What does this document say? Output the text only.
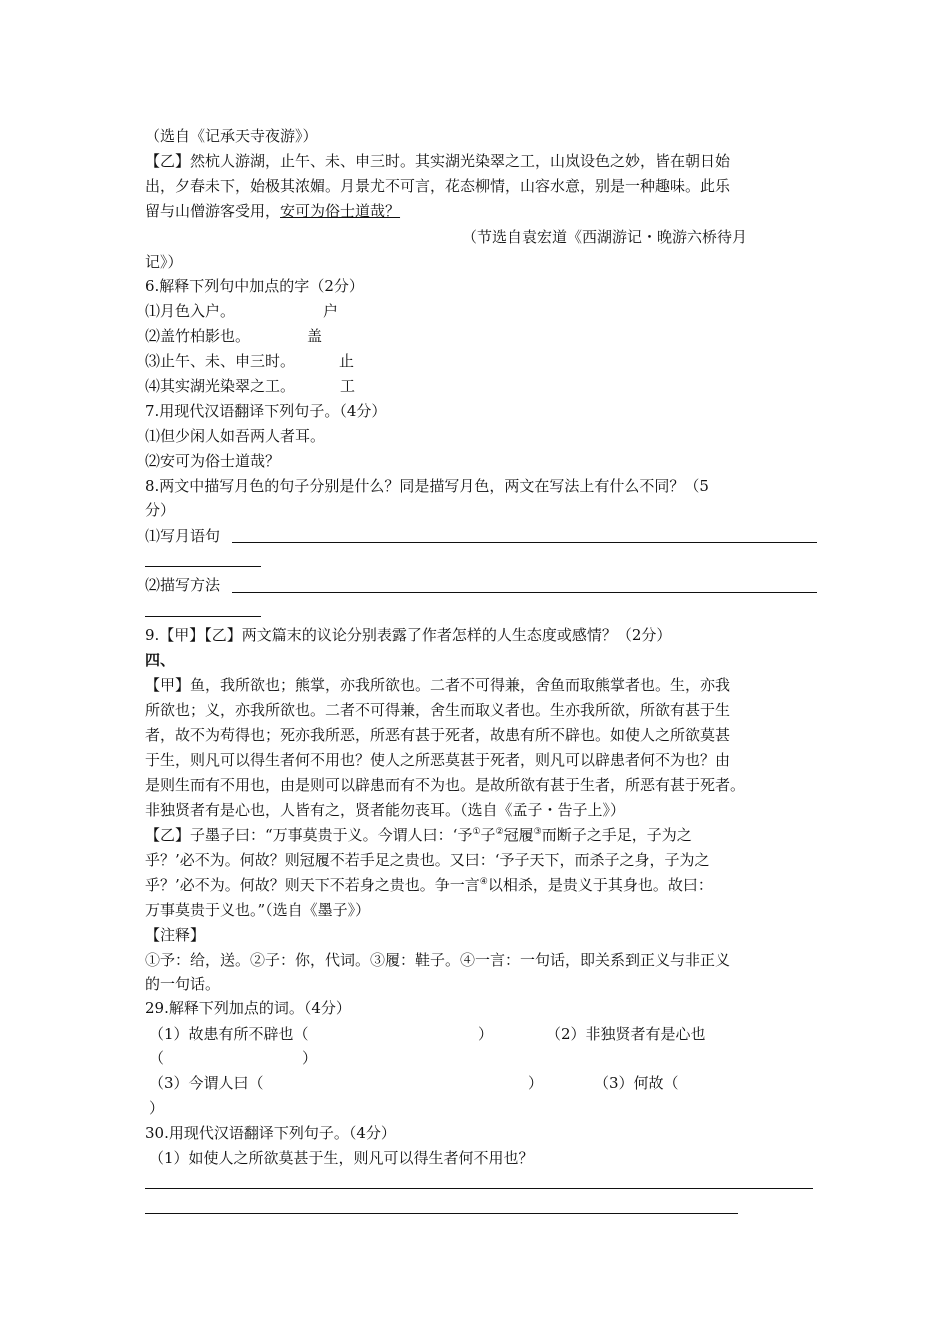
（选自《记承天寺夜游》）
【乙】然杭人游湖，止午、未、申三时。其实湖光染翠之工，山岚设色之妙，皆在朝日始
出，夕春未下，始极其浓媚。月景尤不可言，花态柳情，山容水意，别是一种趣味。此乐
留与山僧游客受用，安可为俗士道哉？
（节选自袁宏道《西湖游记・晚游六桥待月
记》）
6.解释下列句中加点的字（2分）
⑴月色入户。	户
⑵盖竹柏影也。	盖
⑶止午、未、申三时。	止
⑷其实湖光染翠之工。	工
7.用现代汉语翻译下列句子。（4分）
⑴但少闲人如吾两人者耳。
⑵安可为俗士道哉？
8.两文中描写月色的句子分别是什么？同是描写月色，两文在写法上有什么不同？（5
分）
⑴写月语句
⑵描写方法
9.【甲】【乙】两文篇末的议论分别表露了作者怎样的人生态度或感情？（2分）
四、
【甲】鱼，我所欲也；熊掌，亦我所欲也。二者不可得兼，舍鱼而取熊掌者也。生，亦我
所欲也；义，亦我所欲也。二者不可得兼，舍生而取义者也。生亦我所欲，所欲有甚于生
者，故不为苟得也；死亦我所恶，所恶有甚于死者，故患有所不辟也。如使人之所欲莫甚
于生，则凡可以得生者何不用也？使人之所恶莫甚于死者，则凡可以辟患者何不为也？由
是则生而有不用也，由是则可以辟患而有不为也。是故所欲有甚于生者，所恶有甚于死者。
非独贤者有是心也，人皆有之，贤者能勿丧耳。（选自《孟子・告子上》）
【乙】子墨子曰：“万事莫贵于义。今谓人曰：‘予①子②冠履③而断子之手足，子为之
乎？’必不为。何故？则冠履不若手足之贵也。又曰：‘予子天下，而杀子之身，子为之
乎？’必不为。何故？则天下不若身之贵也。争一言④以相杀，是贵义于其身也。故曰：
万事莫贵于义也。”（选自《墨子》）
【注释】
①予：给，送。②子：你，代词。③履：鞋子。④一言：一句话，即关系到正义与非正义
的一句话。
29.解释下列加点的词。（4分）
（1）故患有所不辟也（	）	（2）非独贤者有是心也
（	）
（3）今谓人曰（	）	（3）何故（
）
30.用现代汉语翻译下列句子。（4分）
（1）如使人之所欲莫甚于生，则凡可以得生者何不用也？
